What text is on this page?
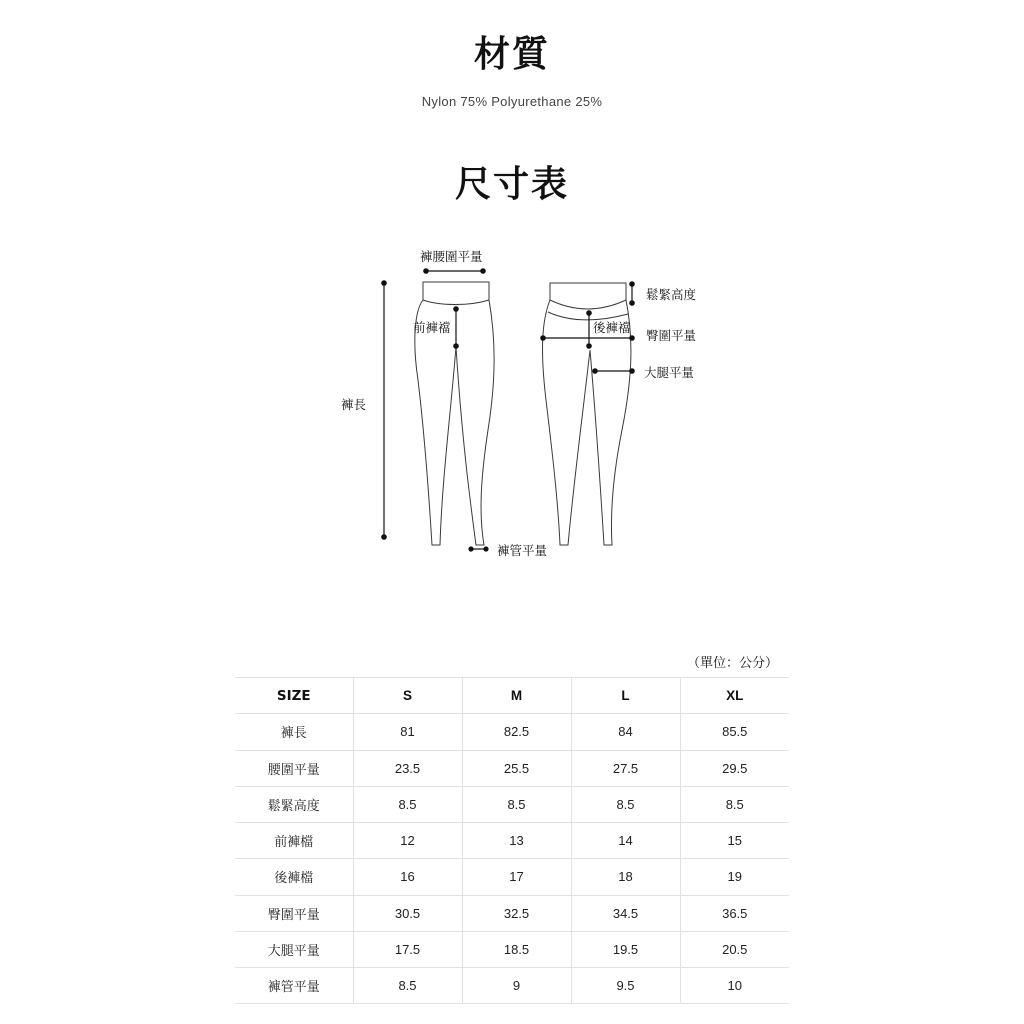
材質
Nylon 75% Polyurethane 25%
尺寸表
褲腰圍平量
褲長
前褲襠
褲管平量
鬆緊高度
後褲襠
臀圍平量
大腿平量
（單位：公分）
SIZE	S	M	L	XL
褲長	81	82.5	84	85.5
腰圍平量	23.5	25.5	27.5	29.5
鬆緊高度	8.5	8.5	8.5	8.5
前褲檔	12	13	14	15
後褲檔	16	17	18	19
臀圍平量	30.5	32.5	34.5	36.5
大腿平量	17.5	18.5	19.5	20.5
褲管平量	8.5	9	9.5	10
